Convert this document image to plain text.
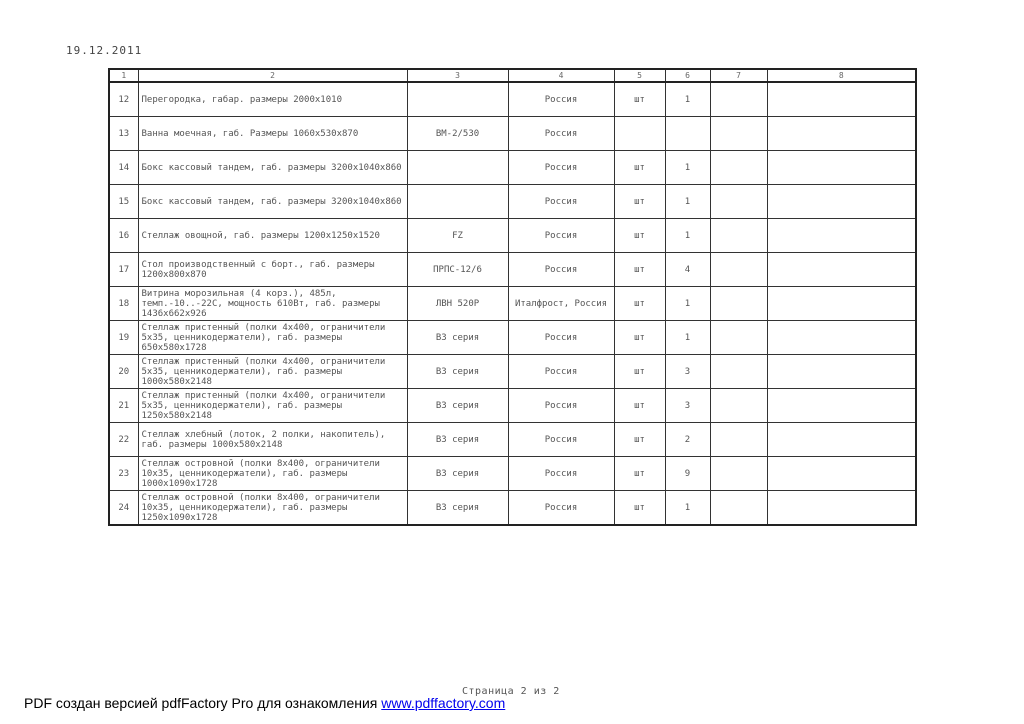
19.12.2011
1	2	3	4	5	6	7	8
12	Перегородка, габар. размеры 2000х1010		Россия	шт	1		
13	Ванна моечная, габ. Размеры 1060х530х870	ВМ-2/530	Россия				
14	Бокс кассовый тандем, габ. размеры 3200х1040х860		Россия	шт	1		
15	Бокс кассовый тандем, габ. размеры 3200х1040х860		Россия	шт	1		
16	Стеллаж овощной, габ. размеры 1200х1250х1520	FZ	Россия	шт	1		
17	Стол производственный с борт., габ. размеры 1200х800х870	ПРПС-12/6	Россия	шт	4		
18	Витрина морозильная (4 корз.), 485л, темп.-10..-22С, мощность 610Вт, габ. размеры 1436х662х926	ЛВН 520Р	Италфрост, Россия	шт	1		
19	Стеллаж пристенный (полки 4х400, ограничители 5х35, ценникодержатели), габ. размеры 650х580х1728	В3 серия	Россия	шт	1		
20	Стеллаж пристенный (полки 4х400, ограничители 5х35, ценникодержатели), габ. размеры 1000х580х2148	В3 серия	Россия	шт	3		
21	Стеллаж пристенный (полки 4х400, ограничители 5х35, ценникодержатели), габ. размеры 1250х580х2148	В3 серия	Россия	шт	3		
22	Стеллаж хлебный (лоток, 2 полки, накопитель), габ. размеры 1000х580х2148	В3 серия	Россия	шт	2		
23	Стеллаж островной (полки 8х400, ограничители 10х35, ценникодержатели), габ. размеры 1000х1090х1728	В3 серия	Россия	шт	9		
24	Стеллаж островной (полки 8х400, ограничители 10х35, ценникодержатели), габ. размеры 1250х1090х1728	В3 серия	Россия	шт	1		
Страница 2 из 2
PDF создан версией pdfFactory Pro для ознакомления www.pdffactory.com
